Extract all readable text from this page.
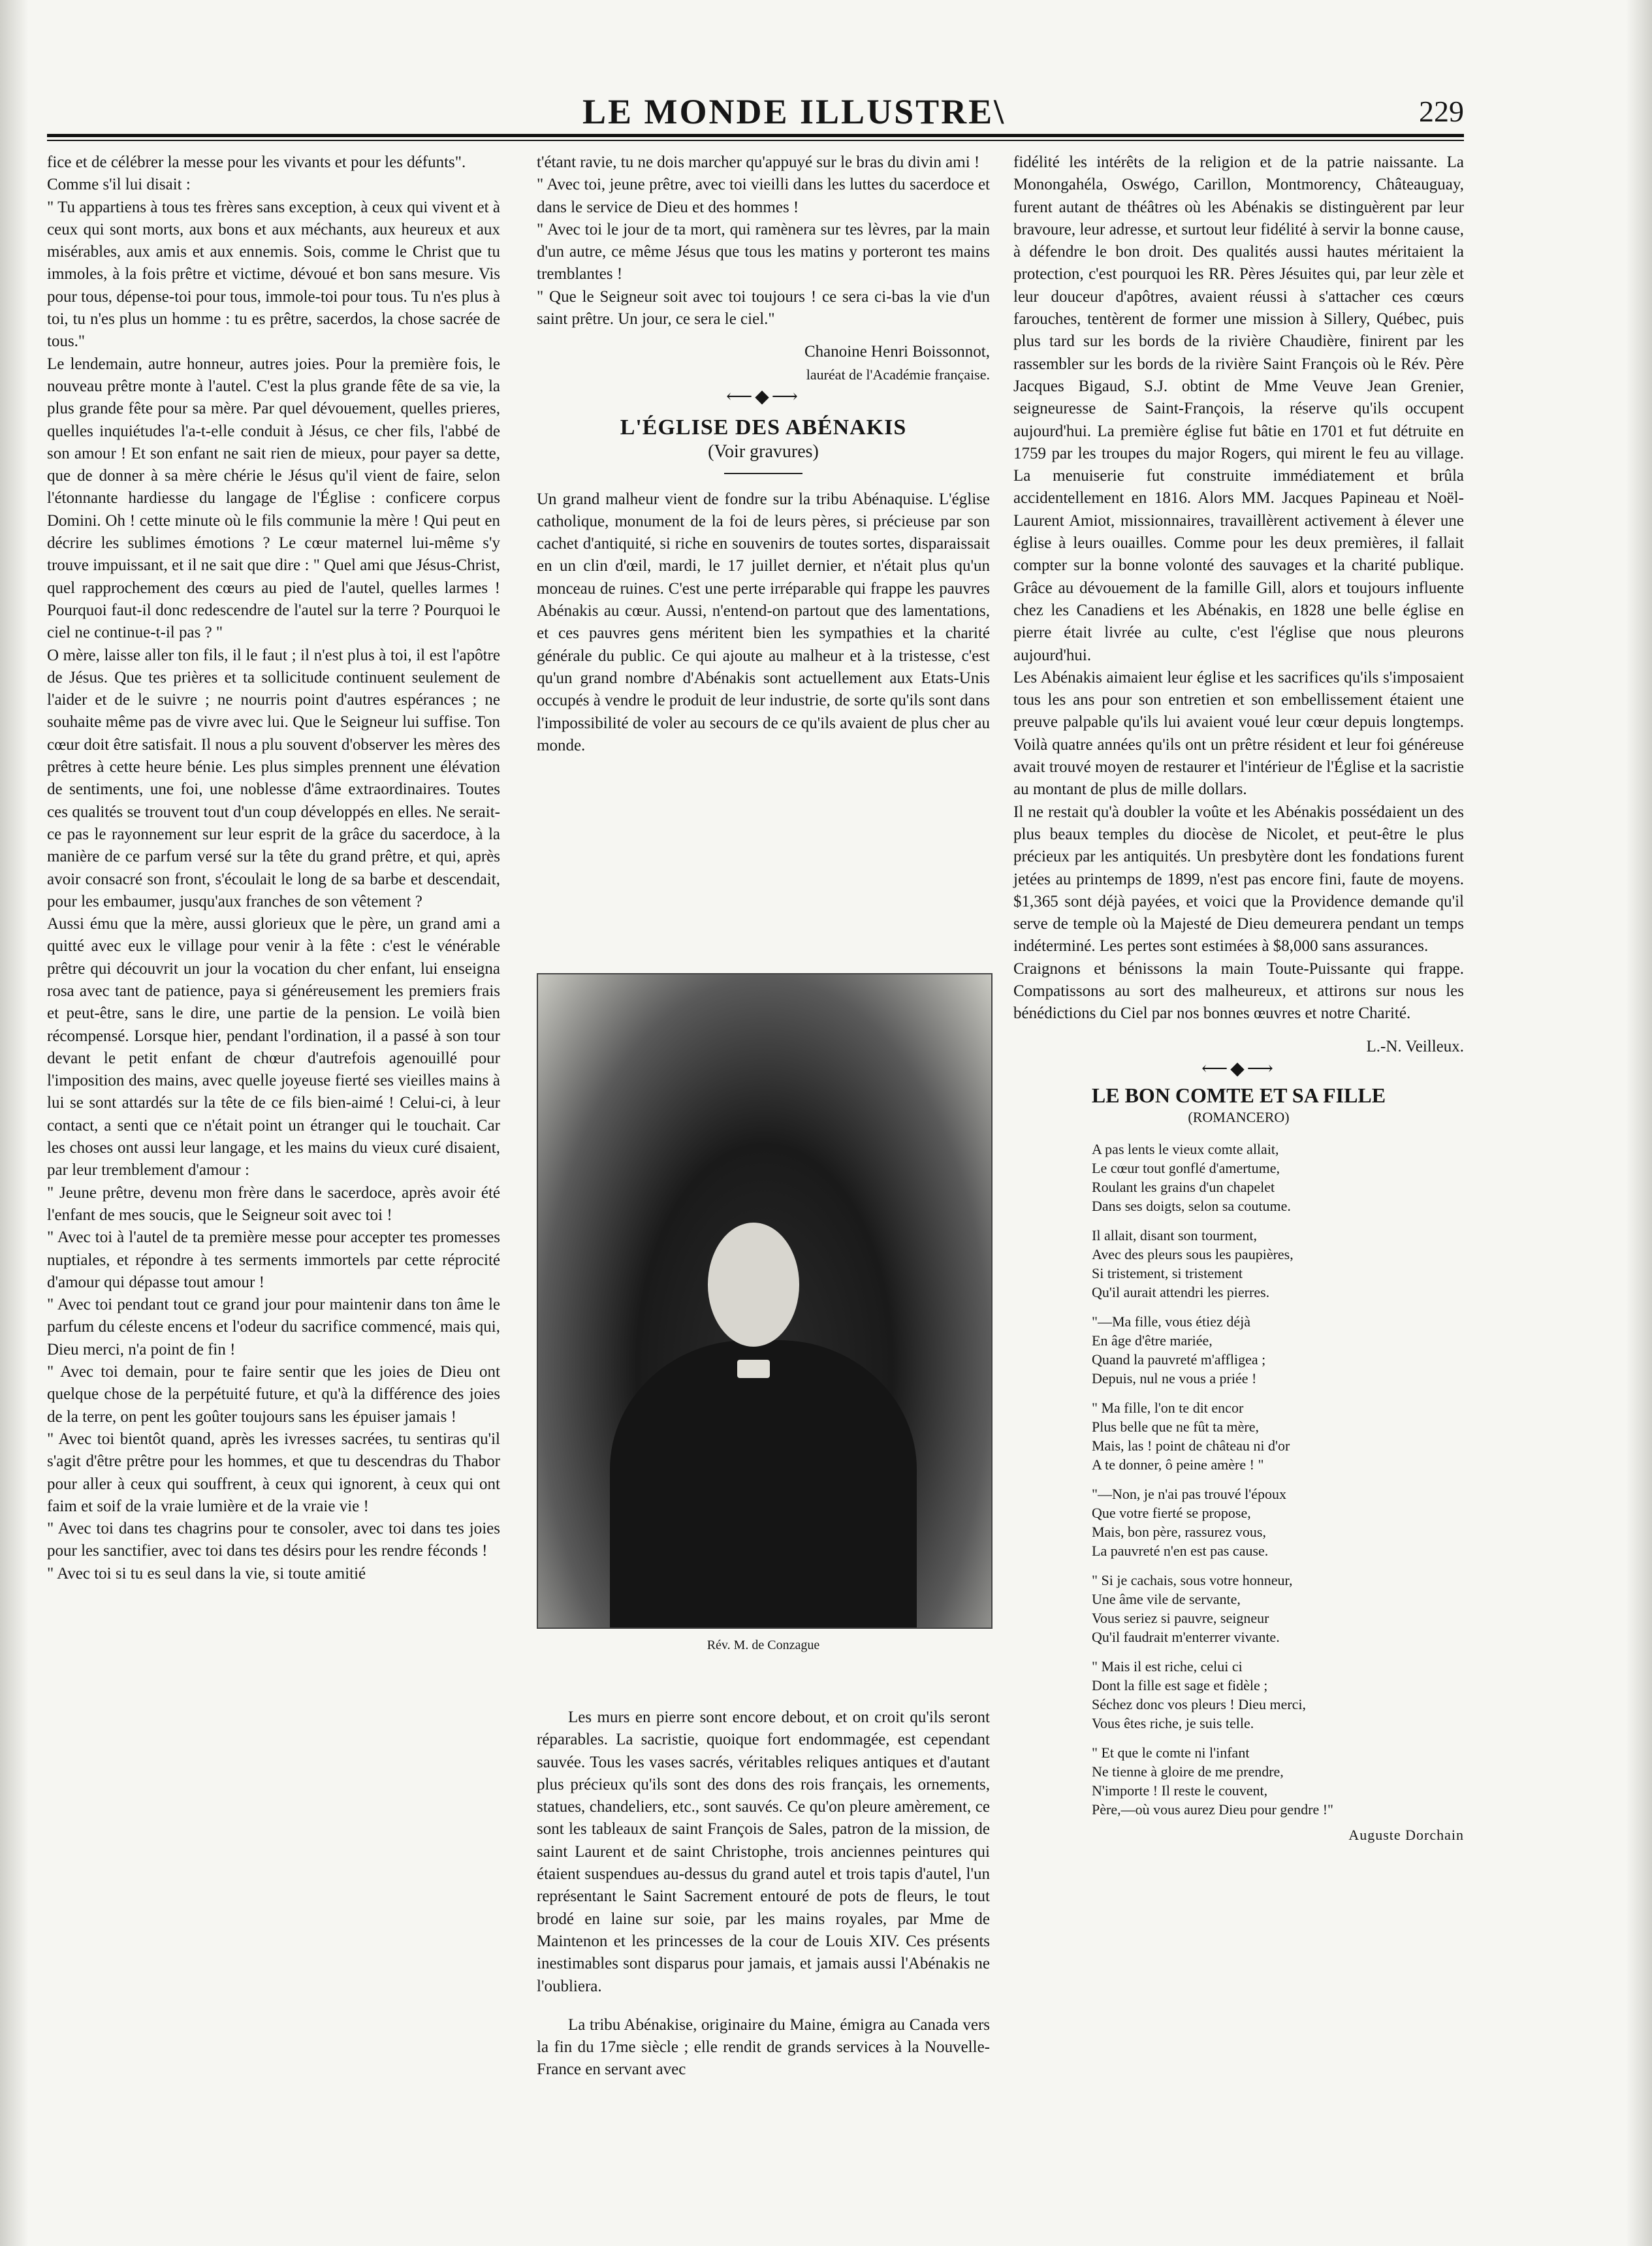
LE MONDE ILLUSTRE\	229

fice et de célébrer la messe pour les vivants et pour les défunts".

Comme s'il lui disait :

" Tu appartiens à tous tes frères sans exception, à ceux qui vivent et à ceux qui sont morts, aux bons et aux méchants, aux heureux et aux misérables, aux amis et aux ennemis. Sois, comme le Christ que tu immoles, à la fois prêtre et victime, dévoué et bon sans mesure. Vis pour tous, dépense-toi pour tous, immole-toi pour tous. Tu n'es plus à toi, tu n'es plus un homme : tu es prêtre, sacerdos, la chose sacrée de tous."

Le lendemain, autre honneur, autres joies. Pour la première fois, le nouveau prêtre monte à l'autel. C'est la plus grande fête de sa vie, la plus grande fête pour sa mère. Par quel dévouement, quelles prieres, quelles inquiétudes l'a-t-elle conduit à Jésus, ce cher fils, l'abbé de son amour ! Et son enfant ne sait rien de mieux, pour payer sa dette, que de donner à sa mère chérie le Jésus qu'il vient de faire, selon l'étonnante hardiesse du langage de l'Église : conficere corpus Domini. Oh ! cette minute où le fils communie la mère ! Qui peut en décrire les sublimes émotions ? Le cœur maternel lui-même s'y trouve impuissant, et il ne sait que dire : " Quel ami que Jésus-Christ, quel rapprochement des cœurs au pied de l'autel, quelles larmes ! Pourquoi faut-il donc redescendre de l'autel sur la terre ? Pourquoi le ciel ne continue-t-il pas ? "

O mère, laisse aller ton fils, il le faut ; il n'est plus à toi, il est l'apôtre de Jésus. Que tes prières et ta sollicitude continuent seulement de l'aider et de le suivre ; ne nourris point d'autres espérances ; ne souhaite même pas de vivre avec lui. Que le Seigneur lui suffise. Ton cœur doit être satisfait. Il nous a plu souvent d'observer les mères des prêtres à cette heure bénie. Les plus simples prennent une élévation de sentiments, une foi, une noblesse d'âme extraordinaires. Toutes ces qualités se trouvent tout d'un coup développés en elles. Ne serait-ce pas le rayonnement sur leur esprit de la grâce du sacerdoce, à la manière de ce parfum versé sur la tête du grand prêtre, et qui, après avoir consacré son front, s'écoulait le long de sa barbe et descendait, pour les embaumer, jusqu'aux franches de son vêtement ?

Aussi ému que la mère, aussi glorieux que le père, un grand ami a quitté avec eux le village pour venir à la fête : c'est le vénérable prêtre qui découvrit un jour la vocation du cher enfant, lui enseigna rosa avec tant de patience, paya si généreusement les premiers frais et peut-être, sans le dire, une partie de la pension. Le voilà bien récompensé. Lorsque hier, pendant l'ordination, il a passé à son tour devant le petit enfant de chœur d'autrefois agenouillé pour l'imposition des mains, avec quelle joyeuse fierté ses vieilles mains à lui se sont attardés sur la tête de ce fils bien-aimé ! Celui-ci, à leur contact, a senti que ce n'était point un étranger qui le touchait. Car les choses ont aussi leur langage, et les mains du vieux curé disaient, par leur tremblement d'amour :

" Jeune prêtre, devenu mon frère dans le sacerdoce, après avoir été l'enfant de mes soucis, que le Seigneur soit avec toi !

" Avec toi à l'autel de ta première messe pour accepter tes promesses nuptiales, et répondre à tes serments immortels par cette réprocité d'amour qui dépasse tout amour !

" Avec toi pendant tout ce grand jour pour maintenir dans ton âme le parfum du céleste encens et l'odeur du sacrifice commencé, mais qui, Dieu merci, n'a point de fin !

" Avec toi demain, pour te faire sentir que les joies de Dieu ont quelque chose de la perpétuité future, et qu'à la différence des joies de la terre, on pent les goûter toujours sans les épuiser jamais !

" Avec toi bientôt quand, après les ivresses sacrées, tu sentiras qu'il s'agit d'être prêtre pour les hommes, et que tu descendras du Thabor pour aller à ceux qui souffrent, à ceux qui ignorent, à ceux qui ont faim et soif de la vraie lumière et de la vraie vie !

" Avec toi dans tes chagrins pour te consoler, avec toi dans tes joies pour les sanctifier, avec toi dans tes désirs pour les rendre féconds !

" Avec toi si tu es seul dans la vie, si toute amitié

t'étant ravie, tu ne dois marcher qu'appuyé sur le bras du divin ami !

" Avec toi, jeune prêtre, avec toi vieilli dans les luttes du sacerdoce et dans le service de Dieu et des hommes !

" Avec toi le jour de ta mort, qui ramènera sur tes lèvres, par la main d'un autre, ce même Jésus que tous les matins y porteront tes mains tremblantes !

" Que le Seigneur soit avec toi toujours ! ce sera ci-bas la vie d'un saint prêtre. Un jour, ce sera le ciel."

Chanoine Henri Boissonnot,

lauréat de l'Académie française.

⟵◆⟶

L'ÉGLISE DES ABÉNAKIS

(Voir gravures)

Un grand malheur vient de fondre sur la tribu Abénaquise. L'église catholique, monument de la foi de leurs pères, si précieuse par son cachet d'antiquité, si riche en souvenirs de toutes sortes, disparaissait en un clin d'œil, mardi, le 17 juillet dernier, et n'était plus qu'un monceau de ruines. C'est une perte irréparable qui frappe les pauvres Abénakis au cœur. Aussi, n'entend-on partout que des lamentations, et ces pauvres gens méritent bien les sympathies et la charité générale du public. Ce qui ajoute au malheur et à la tristesse, c'est qu'un grand nombre d'Abénakis sont actuellement aux Etats-Unis occupés à vendre le produit de leur industrie, de sorte qu'ils sont dans l'impossibilité de voler au secours de ce qu'ils avaient de plus cher au monde.

Rév. M. de Conzague

Les murs en pierre sont encore debout, et on croit qu'ils seront réparables. La sacristie, quoique fort endommagée, est cependant sauvée. Tous les vases sacrés, véritables reliques antiques et d'autant plus précieux qu'ils sont des dons des rois français, les ornements, statues, chandeliers, etc., sont sauvés. Ce qu'on pleure amèrement, ce sont les tableaux de saint François de Sales, patron de la mission, de saint Laurent et de saint Christophe, trois anciennes peintures qui étaient suspendues au-dessus du grand autel et trois tapis d'autel, l'un représentant le Saint Sacrement entouré de pots de fleurs, le tout brodé en laine sur soie, par les mains royales, par Mme de Maintenon et les princesses de la cour de Louis XIV. Ces présents inestimables sont disparus pour jamais, et jamais aussi l'Abénakis ne l'oubliera.

La tribu Abénakise, originaire du Maine, émigra au Canada vers la fin du 17me siècle ; elle rendit de grands services à la Nouvelle-France en servant avec

fidélité les intérêts de la religion et de la patrie naissante. La Monongahéla, Oswégo, Carillon, Montmorency, Châteauguay, furent autant de théâtres où les Abénakis se distinguèrent par leur bravoure, leur adresse, et surtout leur fidélité à servir la bonne cause, à défendre le bon droit. Des qualités aussi hautes méritaient la protection, c'est pourquoi les RR. Pères Jésuites qui, par leur zèle et leur douceur d'apôtres, avaient réussi à s'attacher ces cœurs farouches, tentèrent de former une mission à Sillery, Québec, puis plus tard sur les bords de la rivière Chaudière, finirent par les rassembler sur les bords de la rivière Saint François où le Rév. Père Jacques Bigaud, S.J. obtint de Mme Veuve Jean Grenier, seigneuresse de Saint-François, la réserve qu'ils occupent aujourd'hui. La première église fut bâtie en 1701 et fut détruite en 1759 par les troupes du major Rogers, qui mirent le feu au village. La menuiserie fut construite immédiatement et brûla accidentellement en 1816. Alors MM. Jacques Papineau et Noël-Laurent Amiot, missionnaires, travaillèrent activement à élever une église à leurs ouailles. Comme pour les deux premières, il fallait compter sur la bonne volonté des sauvages et la charité publique. Grâce au dévouement de la famille Gill, alors et toujours influente chez les Canadiens et les Abénakis, en 1828 une belle église en pierre était livrée au culte, c'est l'église que nous pleurons aujourd'hui.

Les Abénakis aimaient leur église et les sacrifices qu'ils s'imposaient tous les ans pour son entretien et son embellissement étaient une preuve palpable qu'ils lui avaient voué leur cœur depuis longtemps. Voilà quatre années qu'ils ont un prêtre résident et leur foi généreuse avait trouvé moyen de restaurer et l'intérieur de l'Église et la sacristie au montant de plus de mille dollars.

Il ne restait qu'à doubler la voûte et les Abénakis possédaient un des plus beaux temples du diocèse de Nicolet, et peut-être le plus précieux par les antiquités. Un presbytère dont les fondations furent jetées au printemps de 1899, n'est pas encore fini, faute de moyens. $1,365 sont déjà payées, et voici que la Providence demande qu'il serve de temple où la Majesté de Dieu demeurera pendant un temps indéterminé. Les pertes sont estimées à $8,000 sans assurances.

Craignons et bénissons la main Toute-Puissante qui frappe. Compatissons au sort des malheureux, et attirons sur nous les bénédictions du Ciel par nos bonnes œuvres et notre Charité.

L.-N. Veilleux.

⟵◆⟶

LE BON COMTE ET SA FILLE

(ROMANCERO)

A pas lents le vieux comte allait,
Le cœur tout gonflé d'amertume,
Roulant les grains d'un chapelet
Dans ses doigts, selon sa coutume.

Il allait, disant son tourment,
Avec des pleurs sous les paupières,
Si tristement, si tristement
Qu'il aurait attendri les pierres.

"—Ma fille, vous étiez déjà
En âge d'être mariée,
Quand la pauvreté m'affligea ;
Depuis, nul ne vous a priée !

" Ma fille, l'on te dit encor
Plus belle que ne fût ta mère,
Mais, las ! point de château ni d'or
A te donner, ô peine amère ! "

"—Non, je n'ai pas trouvé l'époux
Que votre fierté se propose,
Mais, bon père, rassurez vous,
La pauvreté n'en est pas cause.

" Si je cachais, sous votre honneur,
Une âme vile de servante,
Vous seriez si pauvre, seigneur
Qu'il faudrait m'enterrer vivante.

" Mais il est riche, celui ci
Dont la fille est sage et fidèle ;
Séchez donc vos pleurs ! Dieu merci,
Vous êtes riche, je suis telle.

" Et que le comte ni l'infant
Ne tienne à gloire de me prendre,
N'importe ! Il reste le couvent,
Père,—où vous aurez Dieu pour gendre !"

Auguste Dorchain
